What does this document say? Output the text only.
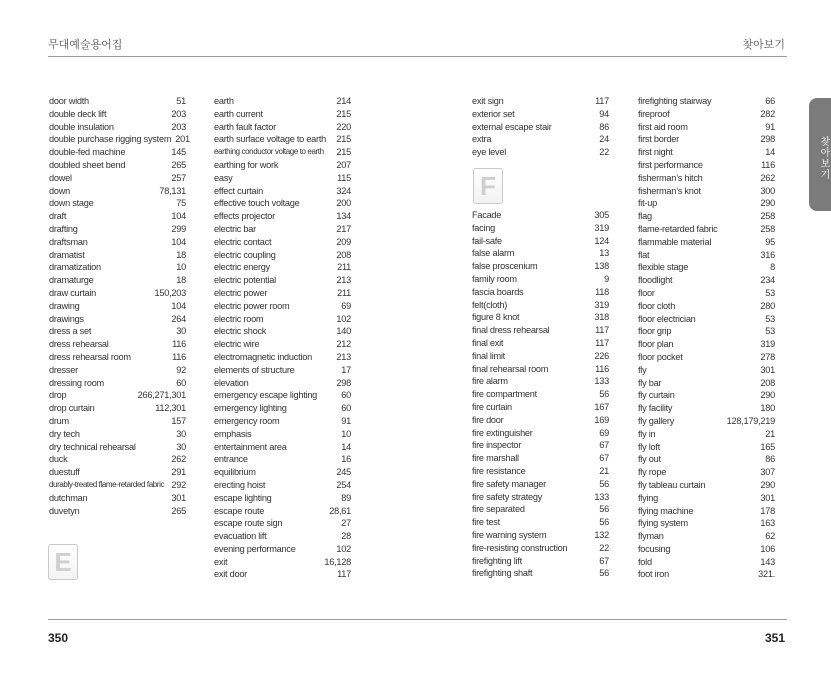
무대예술용어집	찾아보기
door width	51
double deck lift	203
double insulation	203
double purchase rigging system 201
double-fed machine	145
doubled sheet bend	265
dowel	257
down	78,131
down stage	75
draft	104
drafting	299
draftsman	104
dramatist	18
dramatization	10
dramaturge	18
draw curtain	150,203
drawing	104
drawings	264
dress a set	30
dress rehearsal	116
dress rehearsal room	116
dresser	92
dressing room	60
drop	266,271,301
drop curtain	112,301
drum	157
dry tech	30
dry technical rehearsal	30
duck	262
duestuff	291
durably-treated flame-retarded fabric 292
dutchman	301
duvetyn	265
earth	214
earth current	215
earth fault factor	220
earth surface voltage to earth	215
earthing conductor voltage to earth	215
earthing for work	207
easy	115
effect curtain	324
effective touch voltage	200
effects projector	134
electric bar	217
electric contact	209
electric coupling	208
electric energy	211
electric potential	213
electric power	211
electric power room	69
electric room	102
electric shock	140
electric wire	212
electromagnetic induction	213
elements of structure	17
elevation	298
emergency escape lighting	60
emergency lighting	60
emergency room	91
emphasis	10
entertainment area	14
entrance	16
equilibrium	245
erecting hoist	254
escape lighting	89
escape route	28,61
escape route sign	27
evacuation lift	28
evening performance	102
exit	16,128
exit door	117
exit sign	117
exterior set	94
external escape stair	86
extra	24
eye level	22
Facade	305
facing	319
fail-safe	124
false alarm	13
false proscenium	138
family room	9
fascia boards	118
felt(cloth)	319
figure 8 knot	318
final dress rehearsal	117
final exit	117
final limit	226
final rehearsal room	116
fire alarm	133
fire compartment	56
fire curtain	167
fire door	169
fire extinguisher	69
fire inspector	67
fire marshall	67
fire resistance	21
fire safety manager	56
fire safety strategy	133
fire separated	56
fire test	56
fire warning system	132
fire-resisting construction	22
firefighting lift	67
firefighting shaft	56
firefighting stairway	66
fireproof	282
first aid room	91
first border	298
first night	14
first performance	116
fisherman’s hitch	262
fisherman’s knot	300
fit-up	290
flag	258
flame-retarded fabric	258
flammable material	95
flat	316
flexible stage	8
floodlight	234
floor	53
floor cloth	280
floor electrician	53
floor grip	53
floor plan	319
floor pocket	278
fly	301
fly bar	208
fly curtain	290
fly facility	180
fly gallery	128,179,219
fly in	21
fly loft	165
fly out	86
fly rope	307
fly tableau curtain	290
flying	301
flying machine	178
flying system	163
flyman	62
focusing	106
fold	143
foot iron	321.
E
F
찾아보기
350	351
